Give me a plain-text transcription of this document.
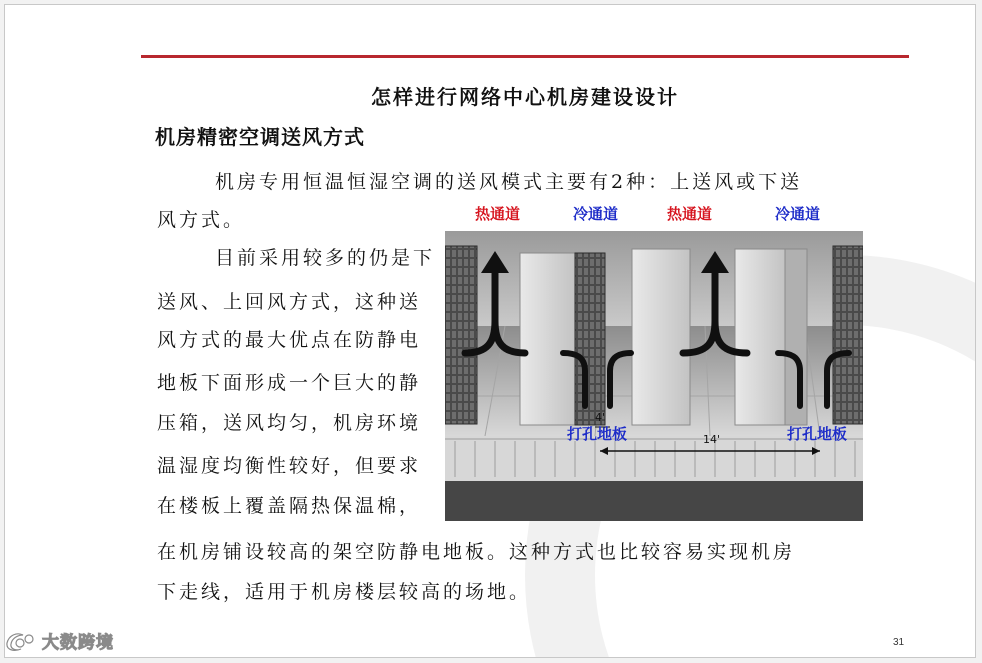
怎样进行网络中心机房建设设计
机房精密空调送风方式
机房专用恒温恒湿空调的送风模式主要有2种：上送风或下送
风方式。
目前采用较多的仍是下
送风、上回风方式，这种送
风方式的最大优点在防静电
地板下面形成一个巨大的静
压箱，送风均匀，机房环境
温湿度均衡性较好，但要求
在楼板上覆盖隔热保温棉，
在机房铺设较高的架空防静电地板。这种方式也比较容易实现机房
下走线，适用于机房楼层较高的场地。
热通道	冷通道	热通道	冷通道
4'
14'
打孔地板	打孔地板
31
大数跨境
